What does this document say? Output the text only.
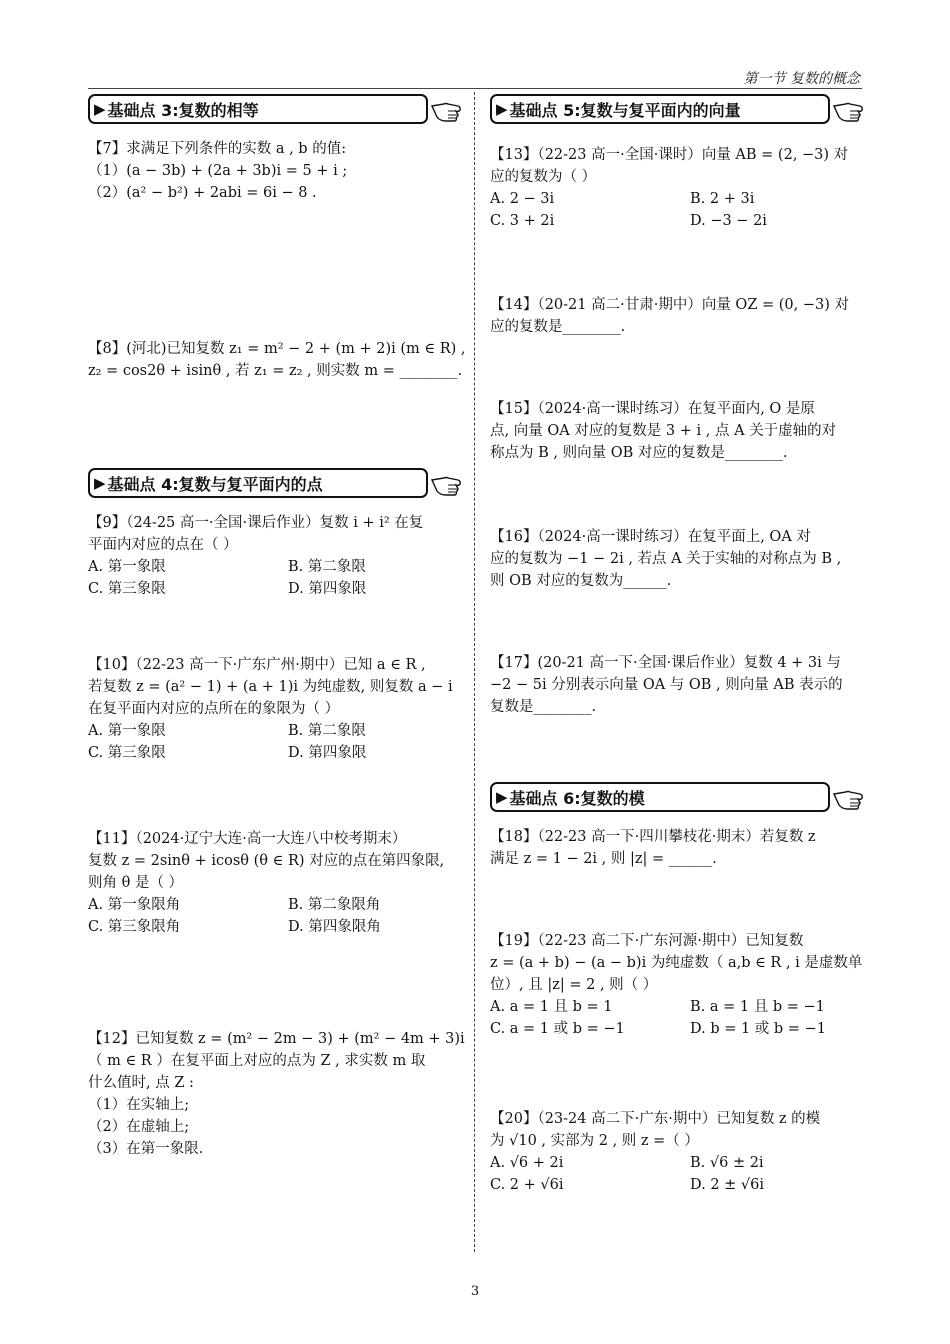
第一节 复数的概念
▶ 基础点 3:复数的相等

【7】求满足下列条件的实数 a , b 的值:

（1）(a − 3b) + (2a + 3b)i = 5 + i ;

（2）(a² − b²) + 2abi = 6i − 8 .

【8】(河北)已知复数 z₁ = m² − 2 + (m + 2)i (m ∈ R) ,

z₂ = cos2θ + isinθ , 若 z₁ = z₂ , 则实数 m = ________.

▶ 基础点 4:复数与复平面内的点

【9】（24-25 高一·全国·课后作业）复数 i + i² 在复

平面内对应的点在（ ）

A. 第一象限	B. 第二象限
C. 第三象限	D. 第四象限

【10】（22-23 高一下·广东广州·期中）已知 a ∈ R ,

若复数 z = (a² − 1) + (a + 1)i 为纯虚数, 则复数 a − i

在复平面内对应的点所在的象限为（ ）

A. 第一象限	B. 第二象限
C. 第三象限	D. 第四象限

【11】（2024·辽宁大连·高一大连八中校考期末）

复数 z = 2sinθ + icosθ (θ ∈ R) 对应的点在第四象限,

则角 θ 是（ ）

A. 第一象限角	B. 第二象限角
C. 第三象限角	D. 第四象限角

【12】已知复数 z = (m² − 2m − 3) + (m² − 4m + 3)i

（ m ∈ R ）在复平面上对应的点为 Z , 求实数 m 取

什么值时, 点 Z :

（1）在实轴上;

（2）在虚轴上;

（3）在第一象限.

▶ 基础点 5:复数与复平面内的向量

【13】（22-23 高一·全国·课时）向量 AB = (2, −3) 对

应的复数为（ ）

A. 2 − 3i	B. 2 + 3i
C. 3 + 2i	D. −3 − 2i

【14】（20-21 高二·甘肃·期中）向量 OZ = (0, −3) 对

应的复数是________.

【15】（2024·高一课时练习）在复平面内, O 是原

点, 向量 OA 对应的复数是 3 + i , 点 A 关于虚轴的对

称点为 B , 则向量 OB 对应的复数是________.

【16】（2024·高一课时练习）在复平面上, OA 对

应的复数为 −1 − 2i , 若点 A 关于实轴的对称点为 B ,

则 OB 对应的复数为______.

【17】(20-21 高一下·全国·课后作业）复数 4 + 3i 与

−2 − 5i 分别表示向量 OA 与 OB , 则向量 AB 表示的

复数是________.

▶ 基础点 6:复数的模

【18】（22-23 高一下·四川攀枝花·期末）若复数 z

满足 z = 1 − 2i , 则 |z| = ______.

【19】（22-23 高二下·广东河源·期中）已知复数

z = (a + b) − (a − b)i 为纯虚数（ a,b ∈ R , i 是虚数单

位）, 且 |z| = 2 , 则（ ）

A. a = 1 且 b = 1	B. a = 1 且 b = −1
C. a = 1 或 b = −1	D. b = 1 或 b = −1

【20】（23-24 高二下·广东·期中）已知复数 z 的模

为 √10 , 实部为 2 , 则 z =（ ）

A. √6 + 2i	B. √6 ± 2i
C. 2 + √6i	D. 2 ± √6i
3
